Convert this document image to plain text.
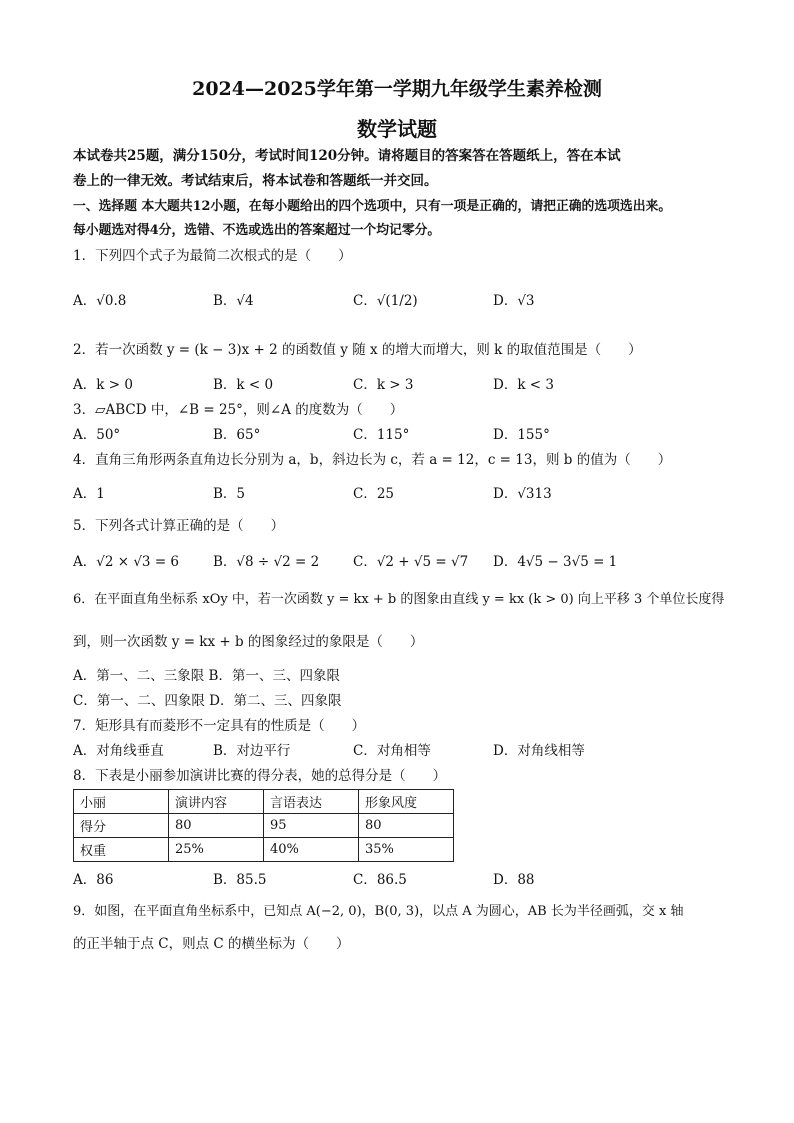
2024—2025学年第一学期九年级学生素养检测
数学试题
本试卷共25题，满分150分，考试时间120分钟。请将题目的答案答在答题纸上，答在本试
卷上的一律无效。考试结束后，将本试卷和答题纸一并交回。
一、选择题 本大题共12小题，在每小题给出的四个选项中，只有一项是正确的，请把正确的选项选出来。
每小题选对得4分，选错、不选或选出的答案超过一个均记零分。
1．下列四个式子为最简二次根式的是（　　）
A．√0.8	B．√4	C．√(1/2)	D．√3
2．若一次函数 y = (k − 3)x + 2 的函数值 y 随 x 的增大而增大，则 k 的取值范围是（　　）
A．k > 0	B．k < 0	C．k > 3	D．k < 3
3．▱ABCD 中，∠B = 25°，则∠A 的度数为（　　）
A．50°	B．65°	C．115°	D．155°
4．直角三角形两条直角边长分别为 a，b，斜边长为 c，若 a = 12，c = 13，则 b 的值为（　　）
A．1	B．5	C．25	D．√313
5．下列各式计算正确的是（　　）
A．√2 × √3 = 6	B．√8 ÷ √2 = 2	C．√2 + √5 = √7 D．4√5 − 3√5 = 1
6．在平面直角坐标系 xOy 中，若一次函数 y = kx + b 的图象由直线 y = kx (k > 0) 向上平移 3 个单位长度得
到，则一次函数 y = kx + b 的图象经过的象限是（　　）
A．第一、二、三象限 B．第一、三、四象限
C．第一、二、四象限 D．第二、三、四象限
7．矩形具有而菱形不一定具有的性质是（　　）
A．对角线垂直	B．对边平行	C．对角相等	D．对角线相等
8．下表是小丽参加演讲比赛的得分表，她的总得分是（　　）
小丽	演讲内容	言语表达	形象风度
得分	80	95	80
权重	25%	40%	35%
A．86	B．85.5	C．86.5	D．88
9．如图，在平面直角坐标系中，已知点 A(−2, 0)，B(0, 3)，以点 A 为圆心，AB 长为半径画弧，交 x 轴
的正半轴于点 C，则点 C 的横坐标为（　　）
